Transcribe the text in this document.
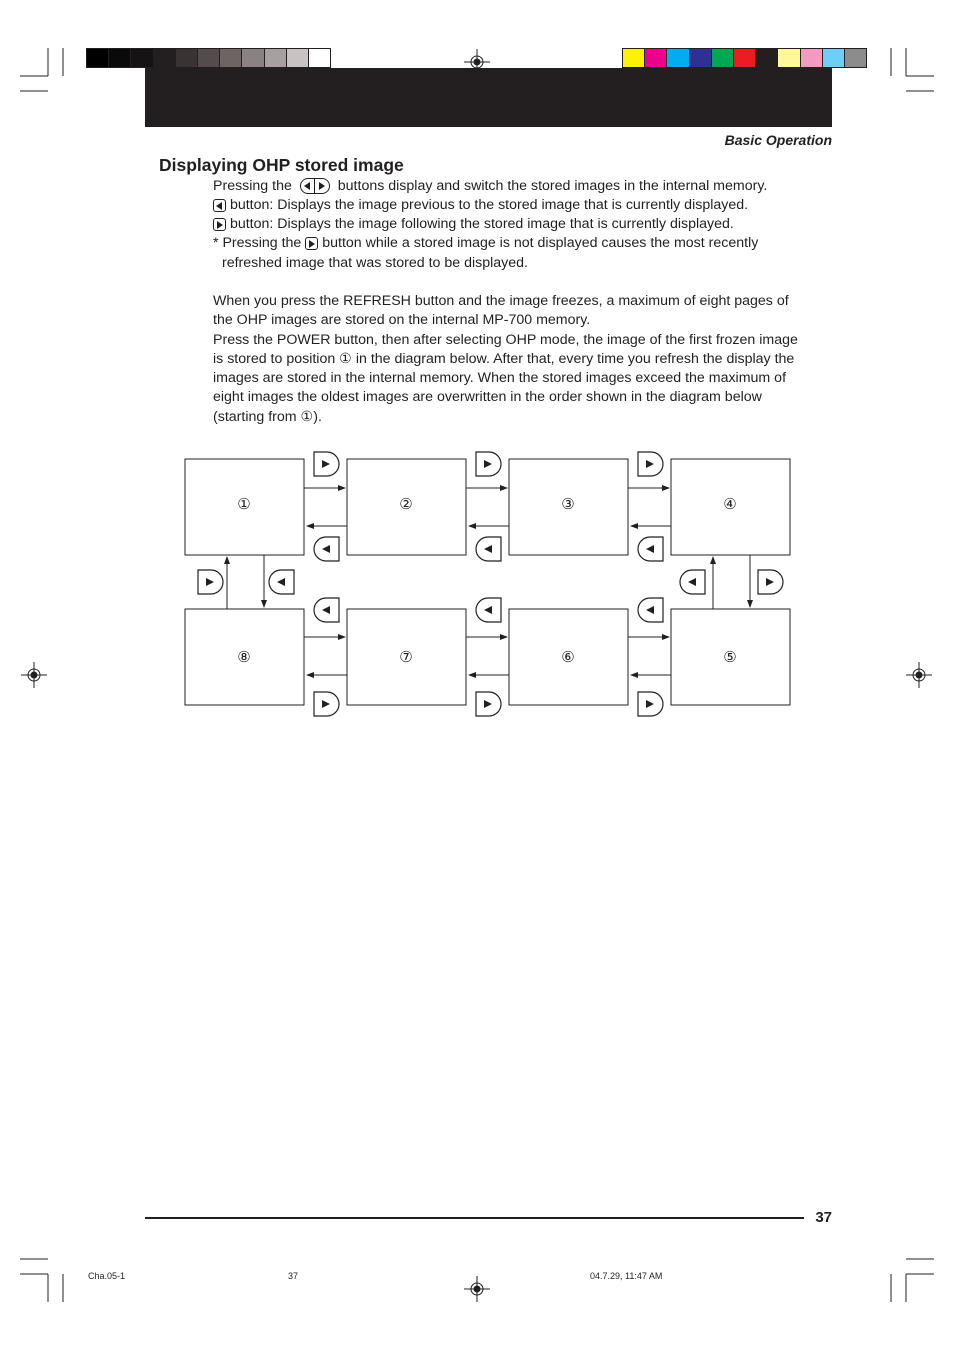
Basic Operation
Displaying OHP stored image
Pressing the	buttons display and switch the stored images in the internal memory.
button: Displays the image previous to the stored image that is currently displayed.
button: Displays the image following the stored image that is currently displayed.
* Pressing the button while a stored image is not displayed causes the most recently
refreshed image that was stored to be displayed.
When you press the REFRESH button and the image freezes, a maximum of eight pages of
the OHP images are stored on the internal MP-700 memory.
Press the POWER button, then after selecting OHP mode, the image of the first frozen image
is stored to position ① in the diagram below. After that, every time you refresh the display the
images are stored in the internal memory. When the stored images exceed the maximum of
eight images the oldest images are overwritten in the order shown in the diagram below
(starting from ①).
①	②	③	④
⑤
⑥
⑦
⑧
37
Cha.05-1	37	04.7.29, 11:47 AM
